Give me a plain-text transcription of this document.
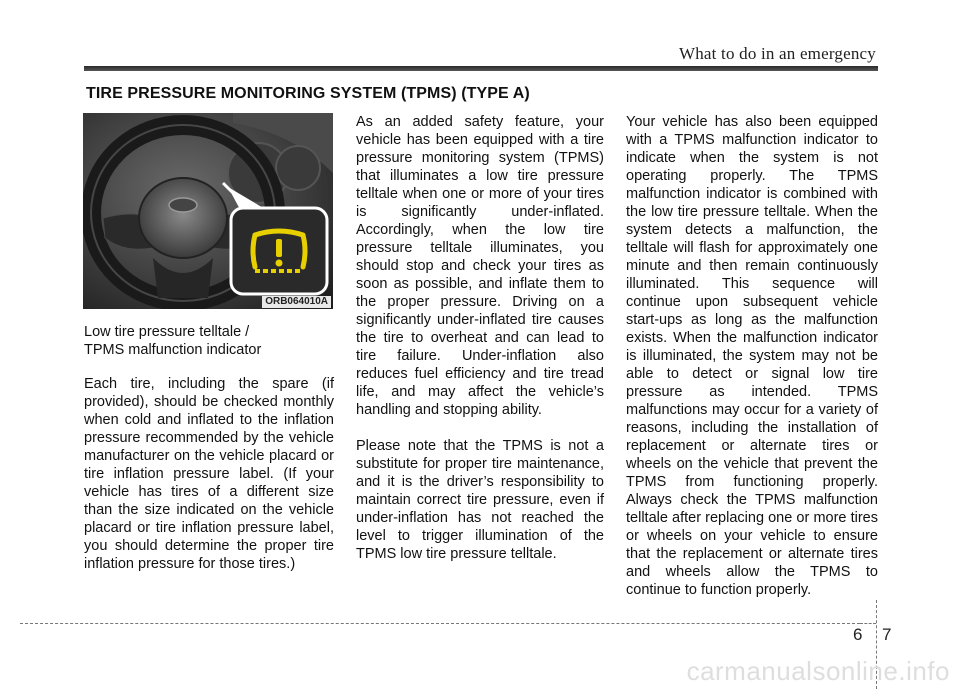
What to do in an emergency
TIRE PRESSURE MONITORING SYSTEM (TPMS) (TYPE A)
ORB064010A

Low tire pressure telltale /
TPMS malfunction indicator

Each tire, including the spare (if provided), should be checked monthly when cold and inflated to the inflation pressure recommended by the vehicle manufacturer on the vehicle placard or tire inflation pressure label. (If your vehicle has tires of a different size than the size indicated on the vehicle placard or tire inflation pressure label, you should determine the proper tire inflation pressure for those tires.)

As an added safety feature, your vehicle has been equipped with a tire pressure monitoring system (TPMS) that illuminates a low tire pressure telltale when one or more of your tires is significantly under-inflated. Accordingly, when the low tire pressure telltale illuminates, you should stop and check your tires as soon as possible, and inflate them to the proper pressure. Driving on a significantly under-inflated tire causes the tire to overheat and can lead to tire failure. Under-inflation also reduces fuel efficiency and tire tread life, and may affect the vehicle’s handling and stopping ability.

Please note that the TPMS is not a substitute for proper tire maintenance, and it is the driver’s responsibility to maintain correct tire pressure, even if under-inflation has not reached the level to trigger illumination of the TPMS low tire pressure telltale.

Your vehicle has also been equipped with a TPMS malfunction indicator to indicate when the system is not operating properly. The TPMS malfunction indicator is combined with the low tire pressure telltale. When the system detects a malfunction, the telltale will flash for approximately one minute and then remain continuously illuminated. This sequence will continue upon subsequent vehicle start-ups as long as the malfunction exists. When the malfunction indicator is illuminated, the system may not be able to detect or signal low tire pressure as intended. TPMS malfunctions may occur for a variety of reasons, including the installation of replacement or alternate tires or wheels on the vehicle that prevent the TPMS from functioning properly. Always check the TPMS malfunction telltale after replacing one or more tires or wheels on your vehicle to ensure that the replacement or alternate tires and wheels allow the TPMS to continue to function properly.

6 7
carmanualsonline.info
